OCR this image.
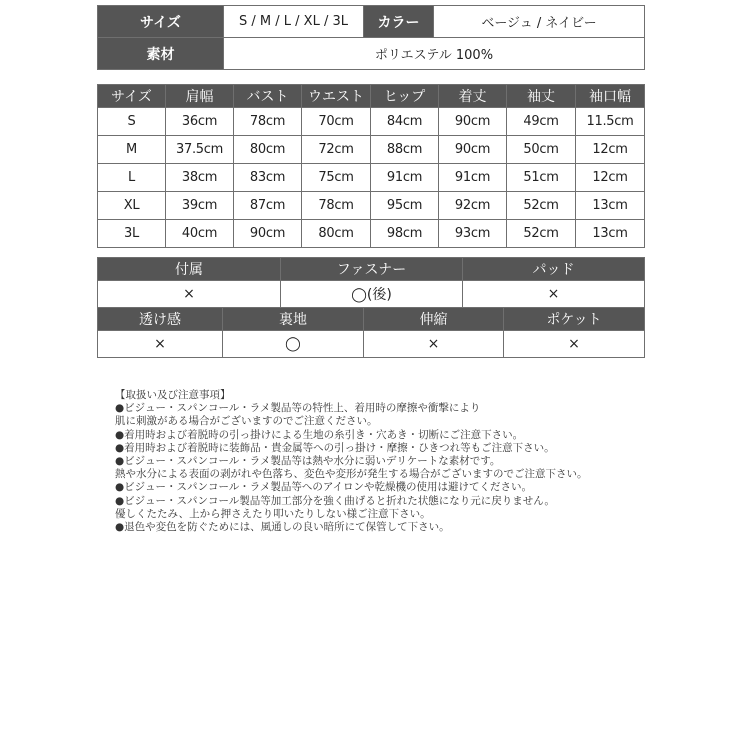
サイズ	S / M / L / XL / 3L	カラー	ベージュ / ネイビー
素材	ポリエステル 100%		
サイズ	肩幅	バスト	ウエスト	ヒップ	着丈	袖丈	袖口幅
S	36cm	78cm	70cm	84cm	90cm	49cm	11.5cm
M	37.5cm	80cm	72cm	88cm	90cm	50cm	12cm
L	38cm	83cm	75cm	91cm	91cm	51cm	12cm
XL	39cm	87cm	78cm	95cm	92cm	52cm	13cm
3L	40cm	90cm	80cm	98cm	93cm	52cm	13cm
付属	ファスナー	パッド
×	◯(後)	×
透け感	裏地	伸縮	ポケット
×	◯	×	×
【取扱い及び注意事項】
●ビジュー・スパンコール・ラメ製品等の特性上、着用時の摩擦や衝撃により
肌に刺激がある場合がございますのでご注意ください。
●着用時および着脱時の引っ掛けによる生地の糸引き・穴あき・切断にご注意下さい。
●着用時および着脱時に装飾品・貴金属等への引っ掛け・摩擦・ひきつれ等もご注意下さい。
●ビジュー・スパンコール・ラメ製品等は熱や水分に弱いデリケートな素材です。
熱や水分による表面の剥がれや色落ち、変色や変形が発生する場合がございますのでご注意下さい。
●ビジュー・スパンコール・ラメ製品等へのアイロンや乾燥機の使用は避けてください。
●ビジュー・スパンコール製品等加工部分を強く曲げると折れた状態になり元に戻りません。
優しくたたみ、上から押さえたり叩いたりしない様ご注意下さい。
●退色や変色を防ぐためには、風通しの良い暗所にて保管して下さい。
